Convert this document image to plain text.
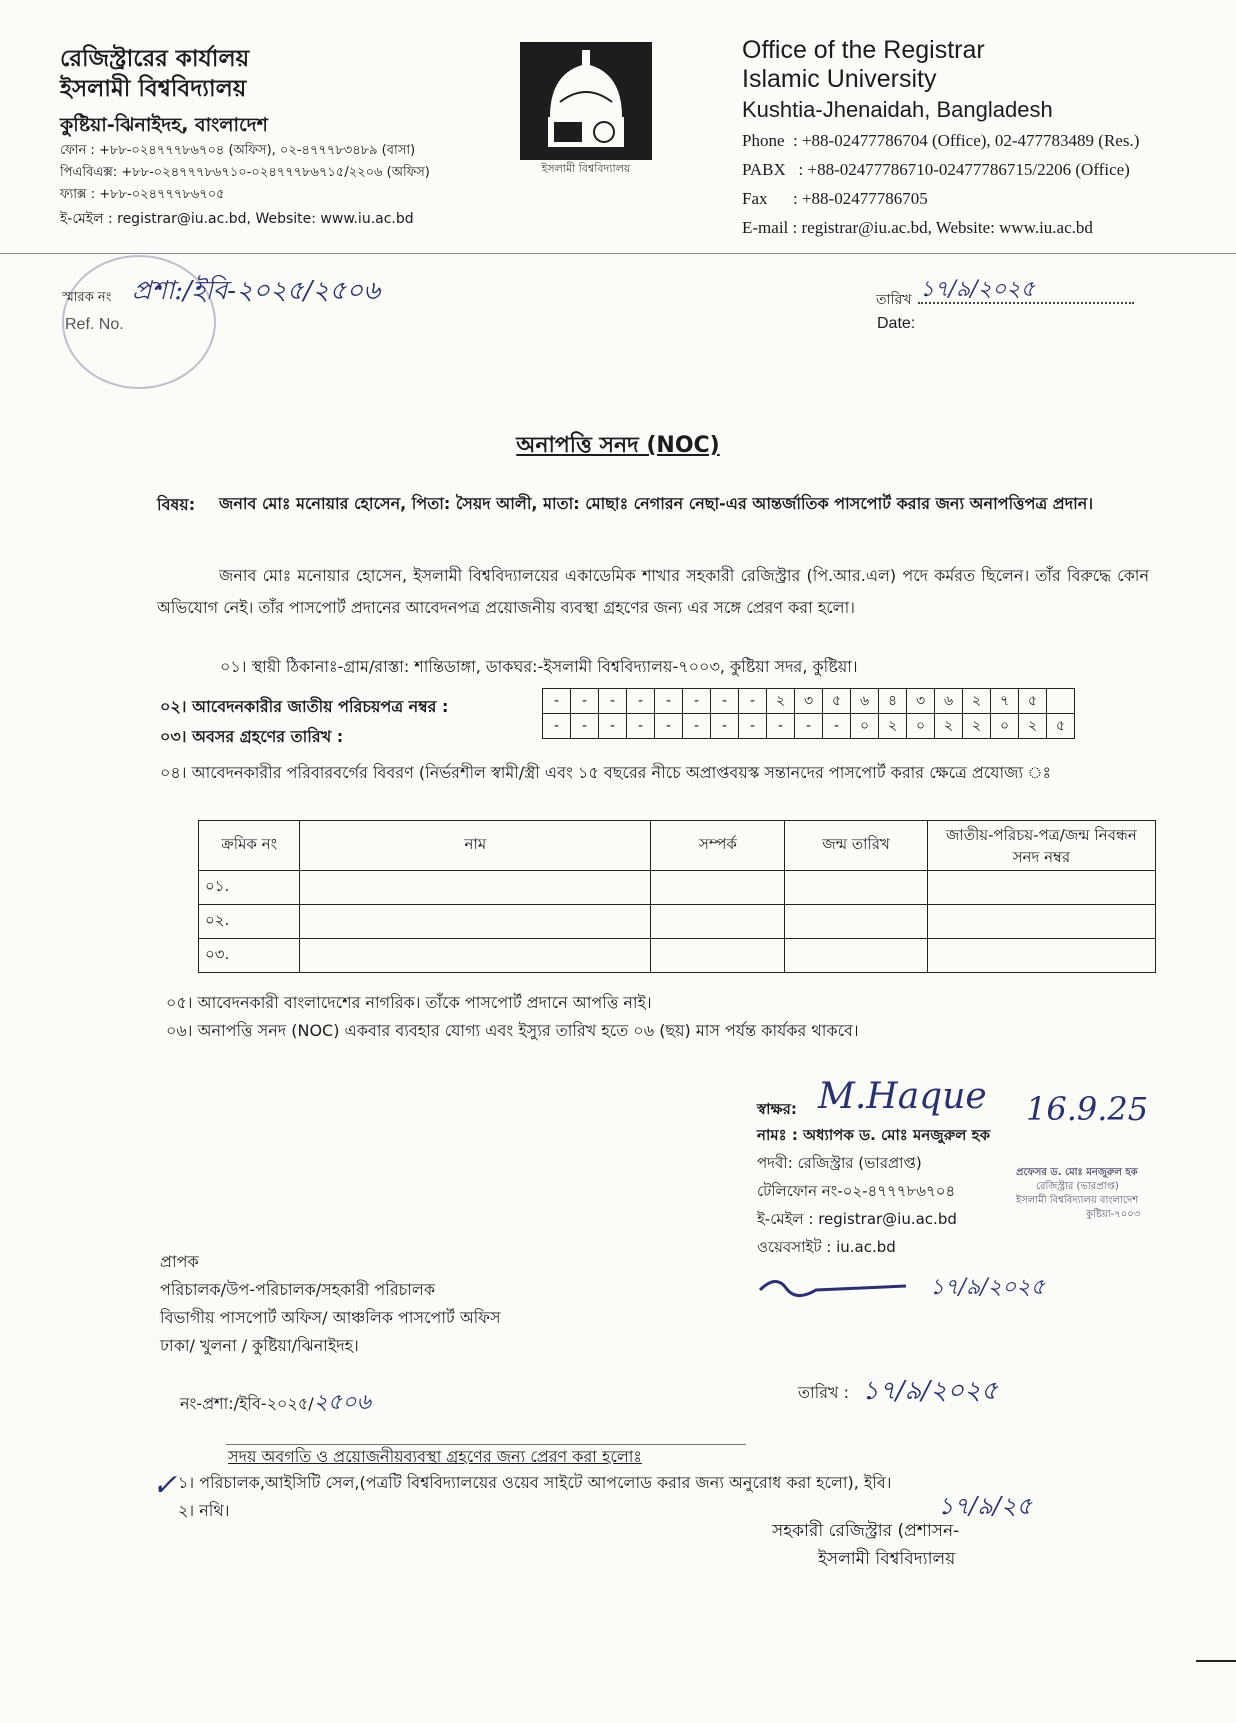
রেজিস্ট্রারের কার্যালয়
ইসলামী বিশ্ববিদ্যালয়
কুষ্টিয়া-ঝিনাইদহ, বাংলাদেশ
ফোন : +৮৮-০২৪৭৭৭৮৬৭০৪ (অফিস), ০২-৪৭৭৭৮৩৪৮৯ (বাসা)
পিএবিএক্স: +৮৮-০২৪৭৭৭৮৬৭১০-০২৪৭৭৭৮৬৭১৫/২২০৬ (অফিস)
ফ্যাক্স : +৮৮-০২৪৭৭৭৮৬৭০৫
ই-মেইল : registrar@iu.ac.bd, Website: www.iu.ac.bd
ইসলামী বিশ্ববিদ্যালয়
Office of the Registrar
Islamic University
Kushtia-Jhenaidah, Bangladesh
Phone  : +88-02477786704 (Office), 02-477783489 (Res.)
PABX   : +88-02477786710-02477786715/2206 (Office)
Fax      : +88-02477786705
E-mail : registrar@iu.ac.bd, Website: www.iu.ac.bd
স্মারক নং প্রশা:/ইবি-২০২৫/২৫০৬
Ref. No.
তারিখ ১৭/৯/২০২৫
Date:
অনাপত্তি সনদ (NOC)
বিষয়: জনাব মোঃ মনোয়ার হোসেন, পিতা: সৈয়দ আলী, মাতা: মোছাঃ নেগারন নেছা-এর আন্তর্জাতিক পাসপোর্ট করার জন্য অনাপত্তিপত্র প্রদান।
জনাব মোঃ মনোয়ার হোসেন, ইসলামী বিশ্ববিদ্যালয়ের একাডেমিক শাখার সহকারী রেজিস্ট্রার (পি.আর.এল) পদে কর্মরত ছিলেন। তাঁর বিরুদ্ধে কোন অভিযোগ নেই। তাঁর পাসপোর্ট প্রদানের আবেদনপত্র প্রয়োজনীয় ব্যবস্থা গ্রহণের জন্য এর সঙ্গে প্রেরণ করা হলো।
০১। স্থায়ী ঠিকানাঃ-গ্রাম/রাস্তা: শান্তিডাঙ্গা, ডাকঘর:-ইসলামী বিশ্ববিদ্যালয়-৭০০৩, কুষ্টিয়া সদর, কুষ্টিয়া।
০২। আবেদনকারীর জাতীয় পরিচয়পত্র নম্বর :
০৩। অবসর গ্রহণের তারিখ :
-	-	-	-	-	-	-	-	২	৩	৫	৬	৪	৩	৬	২	৭	৫	
-	-	-	-	-	-	-	-	-	-	-	০	২	০	২	২	০	২	৫
০৪। আবেদনকারীর পরিবারবর্গের বিবরণ (নির্ভরশীল স্বামী/স্ত্রী এবং ১৫ বছরের নীচে অপ্রাপ্তবয়স্ক সন্তানদের পাসপোর্ট করার ক্ষেত্রে প্রযোজ্য ঃ
ক্রমিক নং	নাম	সম্পর্ক	জন্ম তারিখ	জাতীয়-পরিচয়-পত্র/জন্ম নিবন্ধন সনদ নম্বর
০১.				
০২.				
০৩.				
০৫। আবেদনকারী বাংলাদেশের নাগরিক। তাঁকে পাসপোর্ট প্রদানে আপত্তি নাই।
০৬। অনাপত্তি সনদ (NOC) একবার ব্যবহার যোগ্য এবং ইস্যুর তারিখ হতে ০৬ (ছয়) মাস পর্যন্ত কার্যকর থাকবে।
স্বাক্ষর: M.Haque 16.9.25
নামঃ : অধ্যাপক ড. মোঃ মনজুরুল হক
পদবী: রেজিস্ট্রার (ভারপ্রাপ্ত)
টেলিফোন নং-০২-৪৭৭৭৮৬৭০৪
ই-মেইল : registrar@iu.ac.bd
ওয়েবসাইট : iu.ac.bd
প্রফেসর ড. মোঃ মনজুরুল হক
রেজিস্ট্রার (ভারপ্রাপ্ত)
ইসলামী বিশ্ববিদ্যালয় বাংলাদেশ
কুষ্টিয়া-৭০০৩
১৭/৯/২০২৫
প্রাপক
পরিচালক/উপ-পরিচালক/সহকারী পরিচালক
বিভাগীয় পাসপোর্ট অফিস/ আঞ্চলিক পাসপোর্ট অফিস
ঢাকা/ খুলনা / কুষ্টিয়া/ঝিনাইদহ।
নং-প্রশা:/ইবি-২০২৫/২৫০৬	তারিখ : ১৭/৯/২০২৫
সদয় অবগতি ও প্রয়োজনীয়ব্যবস্থা গ্রহণের জন্য প্রেরণ করা হলোঃ
✓ ১। পরিচালক,আইসিটি সেল,(পত্রটি বিশ্ববিদ্যালয়ের ওয়েব সাইটে আপলোড করার জন্য অনুরোধ করা হলো), ইবি।
২। নথি।	১৭/৯/২৫
সহকারী রেজিস্ট্রার (প্রশাসন-
ইসলামী বিশ্ববিদ্যালয়
